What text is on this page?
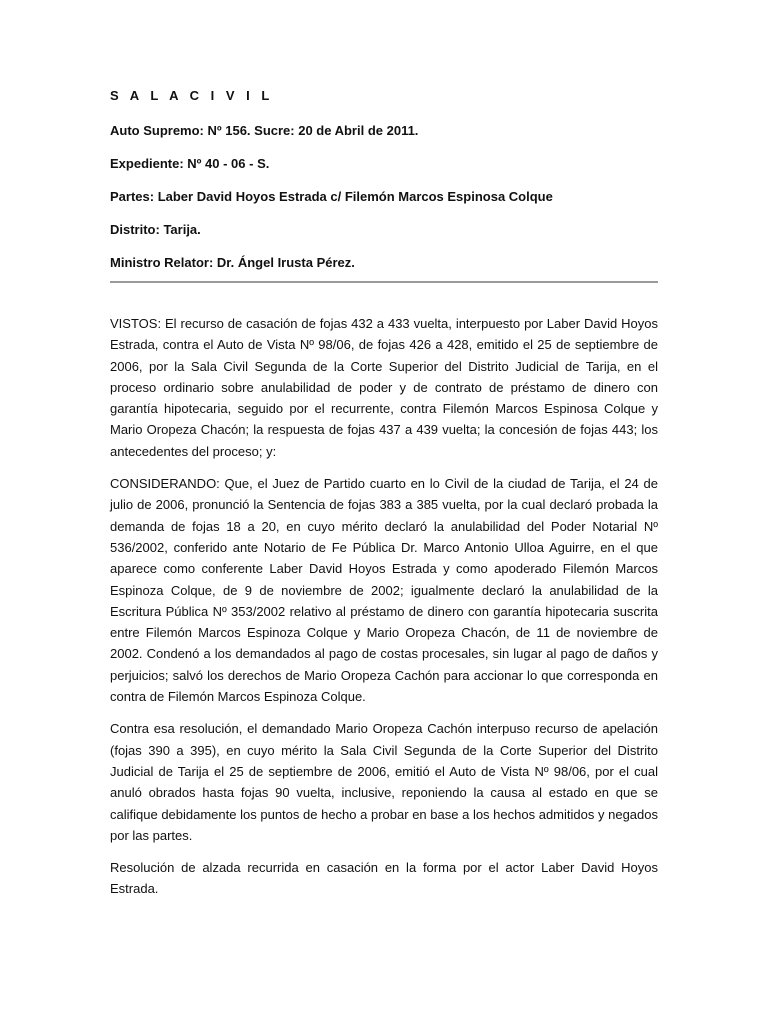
S A L A C I V I L
Auto Supremo: Nº 156. Sucre: 20 de Abril de 2011.
Expediente: Nº 40 - 06 - S.
Partes: Laber David Hoyos Estrada c/ Filemón Marcos Espinosa Colque
Distrito: Tarija.
Ministro Relator: Dr. Ángel Irusta Pérez.

VISTOS: El recurso de casación de fojas 432 a 433 vuelta, interpuesto por Laber David Hoyos Estrada, contra el Auto de Vista Nº 98/06, de fojas 426 a 428, emitido el 25 de septiembre de 2006, por la Sala Civil Segunda de la Corte Superior del Distrito Judicial de Tarija, en el proceso ordinario sobre anulabilidad de poder y de contrato de préstamo de dinero con garantía hipotecaria, seguido por el recurrente, contra Filemón Marcos Espinosa Colque y Mario Oropeza Chacón; la respuesta de fojas 437 a 439 vuelta; la concesión de fojas 443; los antecedentes del proceso; y:

CONSIDERANDO: Que, el Juez de Partido cuarto en lo Civil de la ciudad de Tarija, el 24 de julio de 2006, pronunció la Sentencia de fojas 383 a 385 vuelta, por la cual declaró probada la demanda de fojas 18 a 20, en cuyo mérito declaró la anulabilidad del Poder Notarial Nº 536/2002, conferido ante Notario de Fe Pública Dr. Marco Antonio Ulloa Aguirre, en el que aparece como conferente Laber David Hoyos Estrada y como apoderado Filemón Marcos Espinoza Colque, de 9 de noviembre de 2002; igualmente declaró la anulabilidad de la Escritura Pública Nº 353/2002 relativo al préstamo de dinero con garantía hipotecaria suscrita entre Filemón Marcos Espinoza Colque y Mario Oropeza Chacón, de 11 de noviembre de 2002. Condenó a los demandados al pago de costas procesales, sin lugar al pago de daños y perjuicios; salvó los derechos de Mario Oropeza Cachón para accionar lo que corresponda en contra de Filemón Marcos Espinoza Colque.

Contra esa resolución, el demandado Mario Oropeza Cachón interpuso recurso de apelación (fojas 390 a 395), en cuyo mérito la Sala Civil Segunda de la Corte Superior del Distrito Judicial de Tarija el 25 de septiembre de 2006, emitió el Auto de Vista Nº 98/06, por el cual anuló obrados hasta fojas 90 vuelta, inclusive, reponiendo la causa al estado en que se califique debidamente los puntos de hecho a probar en base a los hechos admitidos y negados por las partes.

Resolución de alzada recurrida en casación en la forma por el actor Laber David Hoyos Estrada.
